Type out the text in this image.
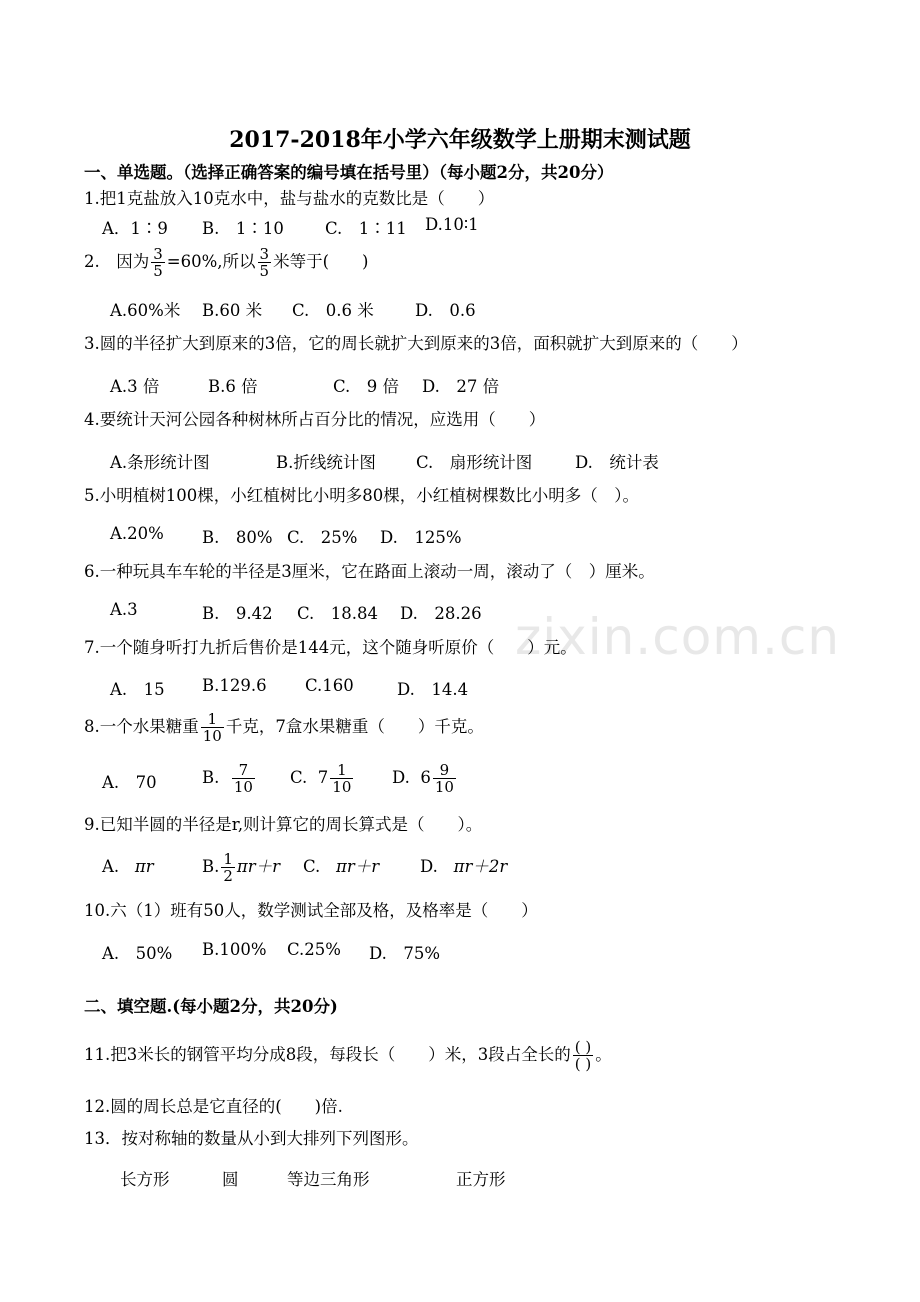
zixin.com.cn
2017-2018年小学六年级数学上册期末测试题
一、单选题。（选择正确答案的编号填在括号里）（每小题2分，共20分）
1.把1克盐放入10克水中，盐与盐水的克数比是（　　）
A．1∶9 B.　1∶10 C.　1∶11 D.10∶1
2.　因为 $\frac{3}{5} =60\%$,所以 $\frac{3}{5}$ 米等于(　　)
A.60%米 B.60 米 C.　0.6 米 D.　0.6
3.圆的半径扩大到原来的3倍，它的周长就扩大到原来的3倍，面积就扩大到原来的（　　）
A.3 倍	B.6 倍	C.　9 倍 D.　27 倍
4.要统计天河公园各种树林所占百分比的情况，应选用（　　）
A.条形统计图	B.折线统计图 C.　扇形统计图	D.　统计表
5.小明植树100棵，小红植树比小明多80棵，小红植树棵数比小明多（　）。
A.20% B.　80% C.　25% D.　125%
6.一种玩具车车轮的半径是3厘米，它在路面上滚动一周，滚动了（　）厘米。
A.3	B.　9.42 C.　18.84 D.　28.26
7.一个随身听打九折后售价是144元，这个随身听原价（　　）元。
A.　15 B.129.6 C.160	D.　14.4
8.一个水果糖重 $\frac{1}{10}$ 千克，7盒水果糖重（　　）千克。
A.　70	B. $\frac{7}{10} C$. $7 \frac{1}{10} D$. $6 \frac{9}{10}$
9.已知半圆的半径是r,则计算它的周长算式是（　　）。
A. πr	B. $\frac{1}{2} \pi r+r$ C. πr＋r D. πr＋2r
10.六（1）班有50人，数学测试全部及格，及格率是（　　）
A.　50% B.100% C.25% D.　75%
二、填空题.(每小题2分，共20分)
11.把3米长的钢管平均分成8段，每段长（　　）米，3段占全长的 $\frac{( )}{( )}$ 。
12.圆的周长总是它直径的(　　)倍.
13．按对称轴的数量从小到大排列下列图形。
长方形	圆	等边三角形	正方形
